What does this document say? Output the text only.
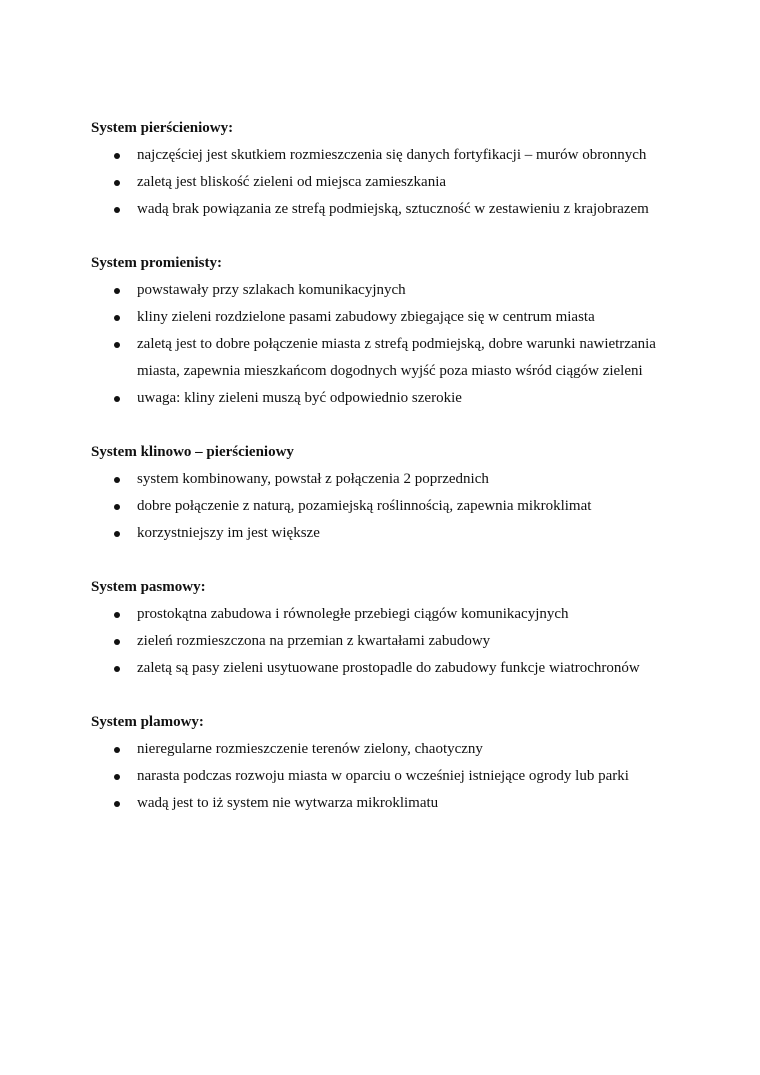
System pierścieniowy:
najczęściej jest skutkiem rozmieszczenia się danych fortyfikacji – murów obronnych
zaletą jest bliskość zieleni od miejsca zamieszkania
wadą brak powiązania ze strefą podmiejską, sztuczność w zestawieniu z krajobrazem
System promienisty:
powstawały przy szlakach komunikacyjnych
kliny zieleni rozdzielone pasami zabudowy zbiegające się w centrum miasta
zaletą jest to dobre połączenie miasta z strefą podmiejską, dobre warunki nawietrzania miasta, zapewnia mieszkańcom dogodnych wyjść poza miasto wśród ciągów zieleni
uwaga: kliny zieleni muszą być odpowiednio szerokie
System klinowo – pierścieniowy
system kombinowany, powstał z połączenia 2 poprzednich
dobre połączenie z naturą, pozamiejską roślinnością, zapewnia mikroklimat
korzystniejszy im jest większe
System pasmowy:
prostokątna zabudowa i równoległe przebiegi ciągów komunikacyjnych
zieleń rozmieszczona na przemian z kwartałami zabudowy
zaletą są pasy zieleni usytuowane prostopadle do zabudowy funkcje wiatrochronów
System plamowy:
nieregularne rozmieszczenie terenów zielony, chaotyczny
narasta podczas rozwoju miasta w oparciu o wcześniej istniejące ogrody lub parki
wadą jest to iż system nie wytwarza mikroklimatu
